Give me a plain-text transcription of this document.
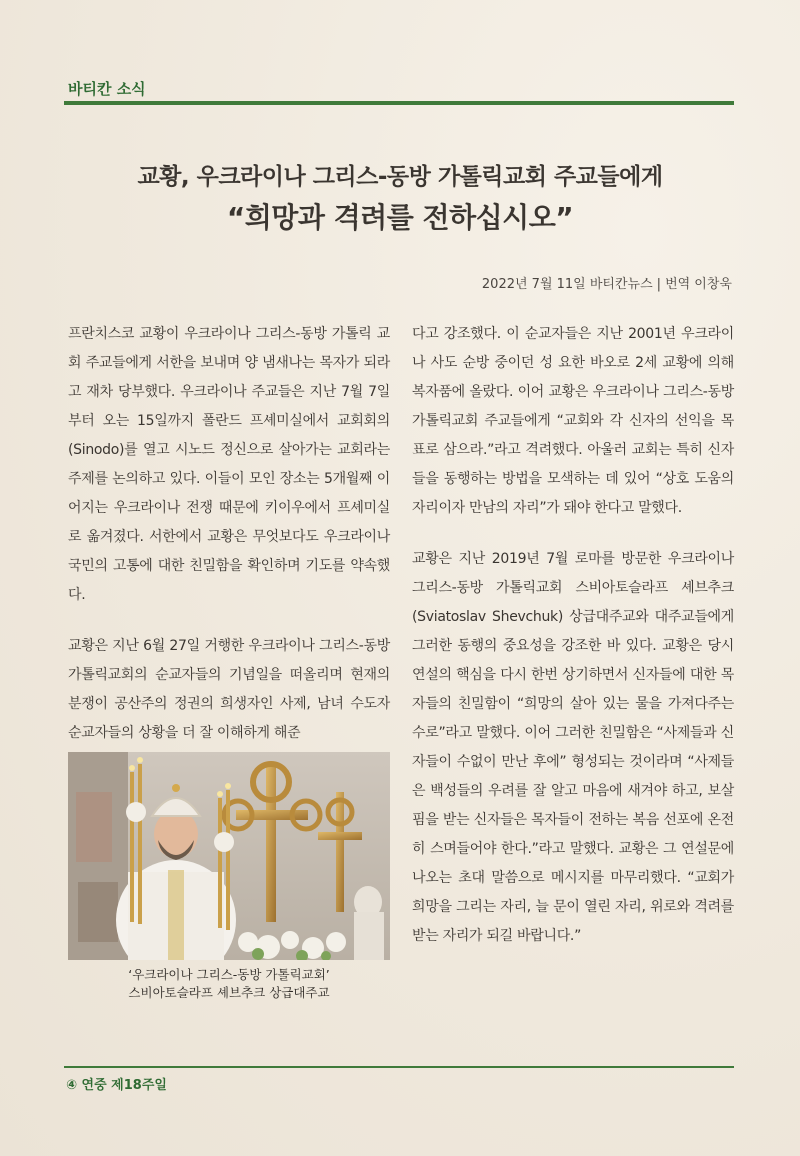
바티칸 소식
교황, 우크라이나 그리스-동방 가톨릭교회 주교들에게
“희망과 격려를 전하십시오”
2022년 7월 11일 바티칸뉴스 | 번역 이창욱

프란치스코 교황이 우크라이나 그리스-동방 가톨릭 교회 주교들에게 서한을 보내며 양 냄새나는 목자가 되라고 재차 당부했다. 우크라이나 주교들은 지난 7월 7일부터 오는 15일까지 폴란드 프셰미실에서 교회회의(Sinodo)를 열고 시노드 정신으로 살아가는 교회라는 주제를 논의하고 있다. 이들이 모인 장소는 5개월째 이어지는 우크라이나 전쟁 때문에 키이우에서 프셰미실로 옮겨졌다. 서한에서 교황은 무엇보다도 우크라이나 국민의 고통에 대한 친밀함을 확인하며 기도를 약속했다.

교황은 지난 6월 27일 거행한 우크라이나 그리스-동방 가톨릭교회의 순교자들의 기념일을 떠올리며 현재의 분쟁이 공산주의 정권의 희생자인 사제, 남녀 수도자 순교자들의 상황을 더 잘 이해하게 해준

‘우크라이나 그리스-동방 가톨릭교회’
스비아토슬라프 셰브추크 상급대주교

다고 강조했다. 이 순교자들은 지난 2001년 우크라이나 사도 순방 중이던 성 요한 바오로 2세 교황에 의해 복자품에 올랐다. 이어 교황은 우크라이나 그리스-동방 가톨릭교회 주교들에게 “교회와 각 신자의 선익을 목표로 삼으라.”라고 격려했다. 아울러 교회는 특히 신자들을 동행하는 방법을 모색하는 데 있어 “상호 도움의 자리이자 만남의 자리”가 돼야 한다고 말했다.

교황은 지난 2019년 7월 로마를 방문한 우크라이나 그리스-동방 가톨릭교회 스비아토슬라프 셰브추크(Sviatoslav Shevchuk) 상급대주교와 대주교들에게 그러한 동행의 중요성을 강조한 바 있다. 교황은 당시 연설의 핵심을 다시 한번 상기하면서 신자들에 대한 목자들의 친밀함이 “희망의 살아 있는 물을 가져다주는 수로”라고 말했다. 이어 그러한 친밀함은 “사제들과 신자들이 수없이 만난 후에” 형성되는 것이라며 “사제들은 백성들의 우려를 잘 알고 마음에 새겨야 하고, 보살핌을 받는 신자들은 목자들이 전하는 복음 선포에 온전히 스며들어야 한다.”라고 말했다. 교황은 그 연설문에 나오는 초대 말씀으로 메시지를 마무리했다. “교회가 희망을 그리는 자리, 늘 문이 열린 자리, 위로와 격려를 받는 자리가 되길 바랍니다.”

④ 연중 제18주일
